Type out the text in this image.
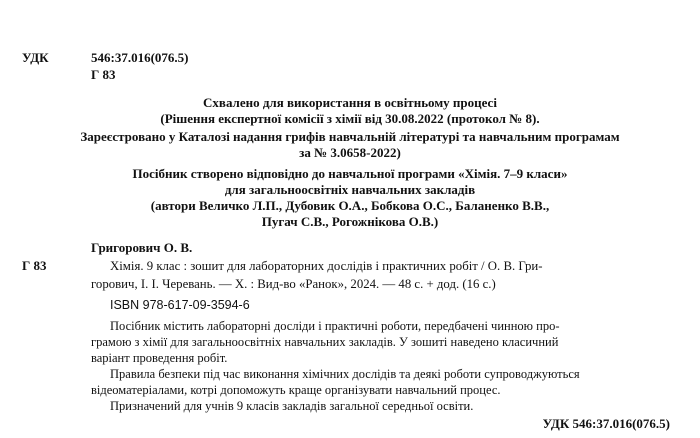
УДК	546:37.016(076.5)
Г 83
Схвалено для використання в освітньому процесі
(Рішення експертної комісії з хімії від 30.08.2022 (протокол № 8).
Зареєстровано у Каталозі надання грифів навчальній літературі та навчальним програмам
за № 3.0658-2022)
Посібник створено відповідно до навчальної програми «Хімія. 7–9 класи»
для загальноосвітніх навчальних закладів
(автори Величко Л.П., Дубовик О.А., Бобкова О.С., Баланенко В.В.,
Пугач С.В., Рогожнікова О.В.)
Григорович О. В.
Г 83	Хімія. 9 клас : зошит для лабораторних дослідів і практичних робіт / О. В. Гри-
горович, І. І. Черевань. — Х. : Вид-во «Ранок», 2024. — 48 с. + дод. (16 с.)
ISBN 978-617-09-3594-6
Посібник містить лабораторні досліди і практичні роботи, передбачені чинною про-
грамою з хімії для загальноосвітніх навчальних закладів. У зошиті наведено класичний
варіант проведення робіт.
Правила безпеки під час виконання хімічних дослідів та деякі роботи супроводжуються
відеоматеріалами, котрі допоможуть краще організувати навчальний процес.
Призначений для учнів 9 класів закладів загальної середньої освіти.
УДК 546:37.016(076.5)
